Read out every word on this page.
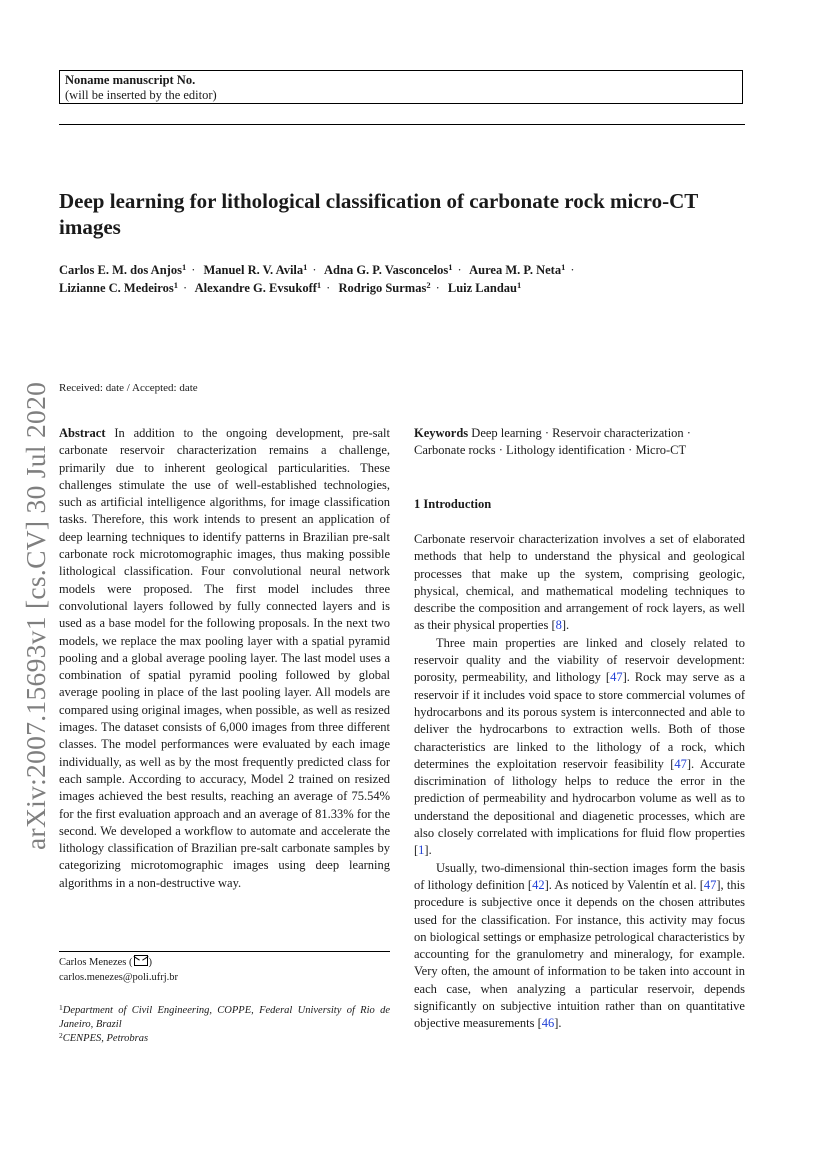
Noname manuscript No.
(will be inserted by the editor)
Deep learning for lithological classification of carbonate rock micro-CT images
Carlos E. M. dos Anjos$^1$ · Manuel R. V. Avila$^1$ · Adna G. P. Vasconcelos$^1$ · Aurea M. P. Neta$^1$ · Lizianne C. Medeiros$^1$ · Alexandre G. Evsukoff$^1$ · Rodrigo Surmas$^2$ · Luiz Landau$^1$
arXiv:2007.15693v1 [cs.CV] 30 Jul 2020 Received: date / Accepted: date
Abstract In addition to the ongoing development, pre-salt carbonate reservoir characterization remains a challenge, primarily due to inherent geological particularities. These challenges stimulate the use of well-established technologies, such as artificial intelligence algorithms, for image classification tasks. Therefore, this work intends to present an application of deep learning techniques to identify patterns in Brazilian pre-salt carbonate rock microtomographic images, thus making possible lithological classification. Four convolutional neural network models were proposed. The first model includes three convolutional layers followed by fully connected layers and is used as a base model for the following proposals. In the next two models, we replace the max pooling layer with a spatial pyramid pooling and a global average pooling layer. The last model uses a combination of spatial pyramid pooling followed by global average pooling in place of the last pooling layer. All models are compared using original images, when possible, as well as resized images. The dataset consists of 6,000 images from three different classes. The model performances were evaluated by each image individually, as well as by the most frequently predicted class for each sample. According to accuracy, Model 2 trained on resized images achieved the best results, reaching an average of 75.54% for the first evaluation approach and an average of 81.33% for the second. We developed a workflow to automate and accelerate the lithology classification of Brazilian pre-salt carbonate samples by categorizing microtomographic images using deep learning algorithms in a non-destructive way.
Keywords Deep learning · Reservoir characterization · Carbonate rocks · Lithology identification · Micro-CT
1 Introduction

Carbonate reservoir characterization involves a set of elaborated methods that help to understand the physical and geological processes that make up the system, comprising geologic, physical, chemical, and mathematical modeling techniques to describe the composition and arrangement of rock layers, as well as their physical properties [8].

Three main properties are linked and closely related to reservoir quality and the viability of reservoir development: porosity, permeability, and lithology [47]. Rock may serve as a reservoir if it includes void space to store commercial volumes of hydrocarbons and its porous system is interconnected and able to deliver the hydrocarbons to extraction wells. Both of those characteristics are linked to the lithology of a rock, which determines the exploitation reservoir feasibility [47]. Accurate discrimination of lithology helps to reduce the error in the prediction of permeability and hydrocarbon volume as well as to understand the depositional and diagenetic processes, which are also closely correlated with implications for fluid flow properties [1].

Usually, two-dimensional thin-section images form the basis of lithology definition [42]. As noticed by Valentín et al. [47], this procedure is subjective once it depends on the chosen attributes used for the classification. For instance, this activity may focus on biological settings or emphasize petrological characteristics by accounting for the granulometry and mineralogy, for example. Very often, the amount of information to be taken into account in each case, when analyzing a particular reservoir, depends significantly on subjective intuition rather than on quantitative objective measurements [46].

Carlos Menezes ( )
carlos.menezes@poli.ufrj.br
$^1$Department of Civil Engineering, COPPE, Federal University of Rio de Janeiro, Brazil
$^2$CENPES, Petrobras
